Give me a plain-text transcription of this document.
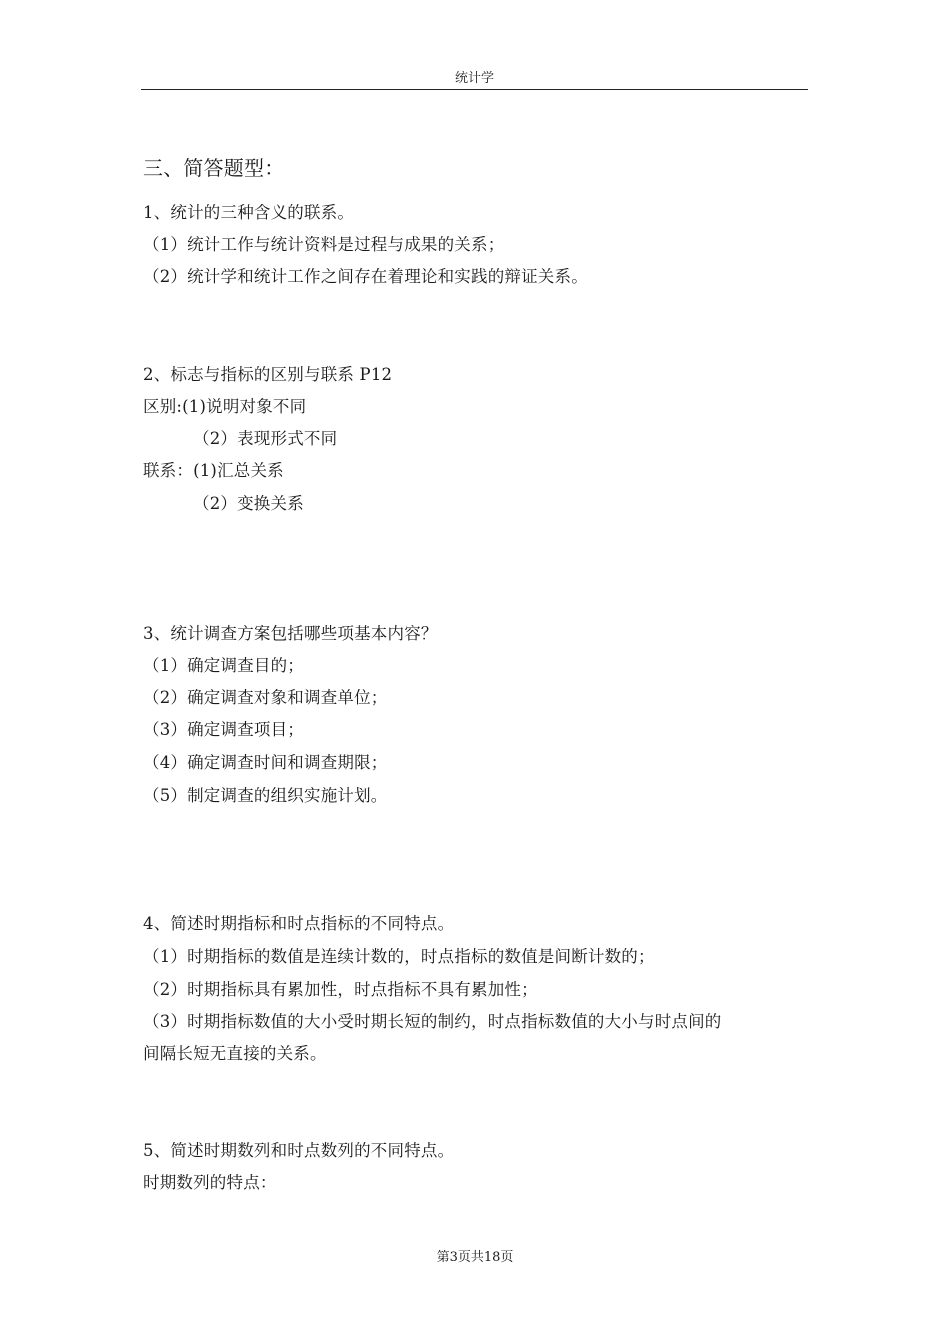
统计学
三、简答题型：
1、统计的三种含义的联系。
（1）统计工作与统计资料是过程与成果的关系；
（2）统计学和统计工作之间存在着理论和实践的辩证关系。
2、标志与指标的区别与联系 P12
区别:(1)说明对象不同
（2）表现形式不同
联系：(1)汇总关系
（2）变换关系
3、统计调查方案包括哪些项基本内容？
（1）确定调查目的；
（2）确定调查对象和调查单位；
（3）确定调查项目；
（4）确定调查时间和调查期限；
（5）制定调查的组织实施计划。
4、简述时期指标和时点指标的不同特点。
（1）时期指标的数值是连续计数的，时点指标的数值是间断计数的；
（2）时期指标具有累加性，时点指标不具有累加性；
（3）时期指标数值的大小受时期长短的制约，时点指标数值的大小与时点间的
间隔长短无直接的关系。
5、简述时期数列和时点数列的不同特点。
时期数列的特点：
第3页共18页
